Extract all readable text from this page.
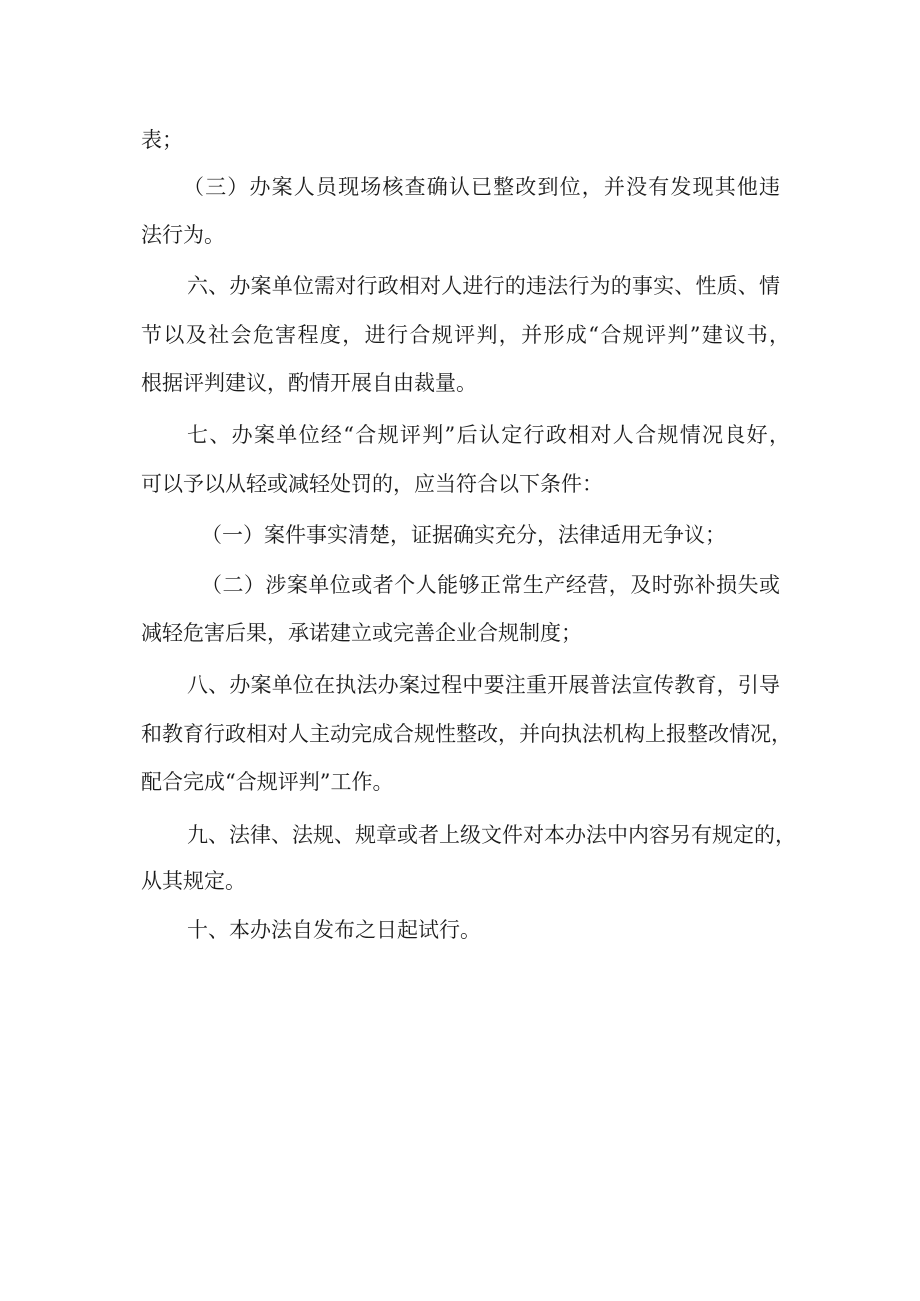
表；
（三）办案人员现场核查确认已整改到位，并没有发现其他违
法行为。
六、办案单位需对行政相对人进行的违法行为的事实、性质、情
节以及社会危害程度，进行合规评判，并形成“合规评判”建议书，
根据评判建议，酌情开展自由裁量。
七、办案单位经“合规评判”后认定行政相对人合规情况良好，
可以予以从轻或减轻处罚的，应当符合以下条件：
（一）案件事实清楚，证据确实充分，法律适用无争议；
（二）涉案单位或者个人能够正常生产经营，及时弥补损失或
减轻危害后果，承诺建立或完善企业合规制度；
八、办案单位在执法办案过程中要注重开展普法宣传教育，引导
和教育行政相对人主动完成合规性整改，并向执法机构上报整改情况，
配合完成“合规评判”工作。
九、法律、法规、规章或者上级文件对本办法中内容另有规定的，
从其规定。
十、本办法自发布之日起试行。
